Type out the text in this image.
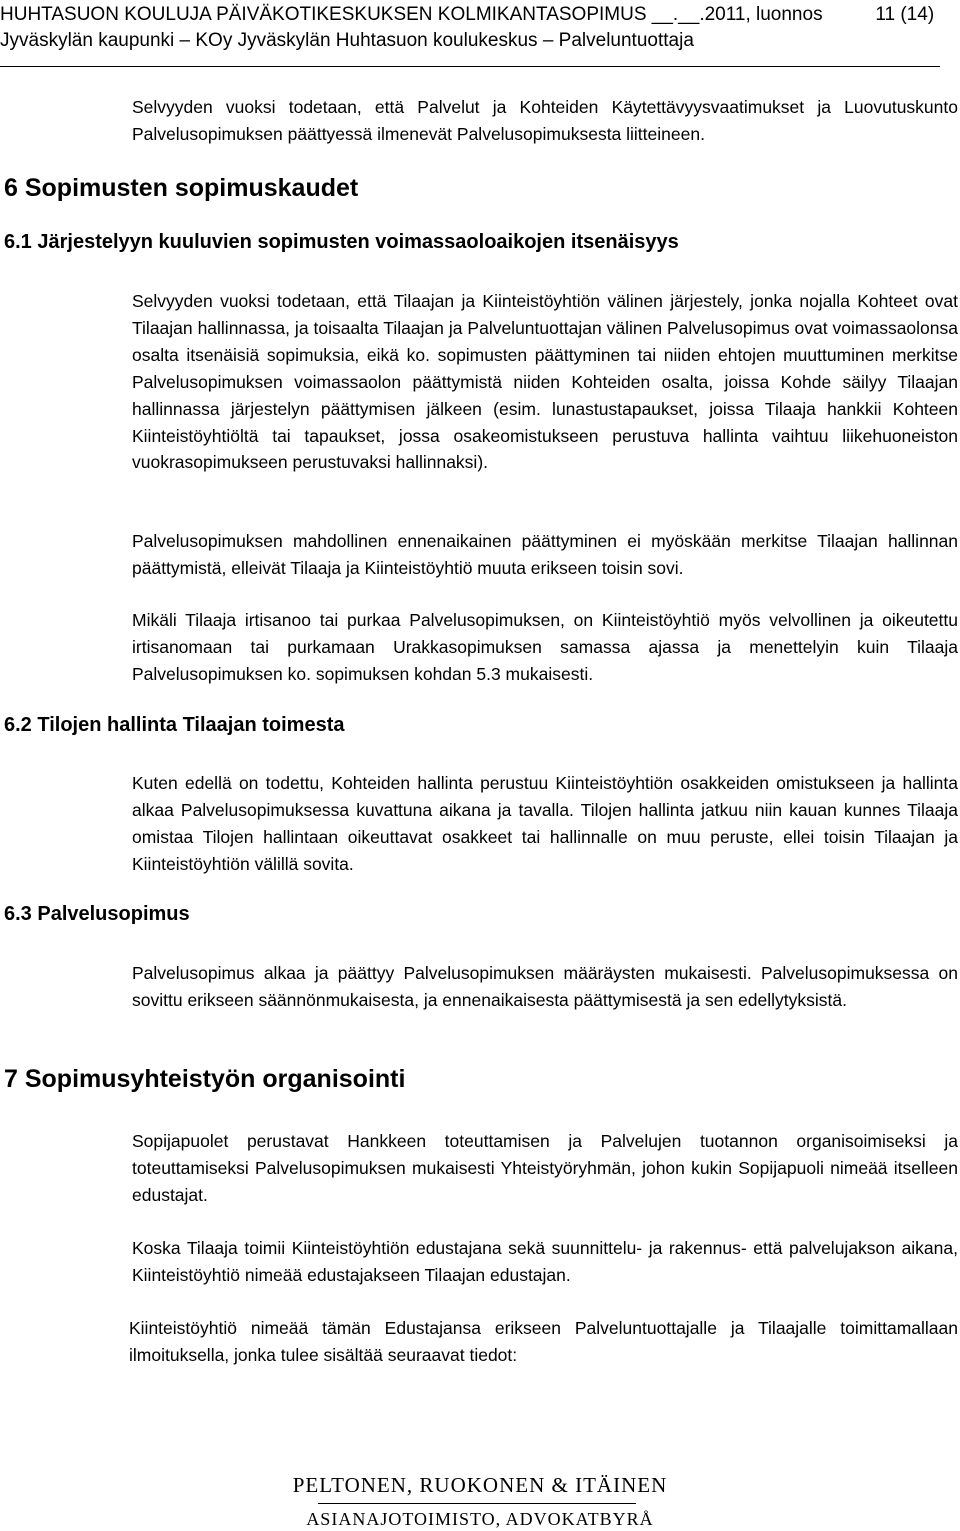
HUHTASUON KOULUJA PÄIVÄKOTIKESKUKSEN KOLMIKANTASOPIMUS __.__.2011, luonnos          11 (14)
Jyväskylän kaupunki – KOy Jyväskylän Huhtasuon koulukeskus – Palveluntuottaja
Selvyyden vuoksi todetaan, että Palvelut ja Kohteiden Käytettävyysvaatimukset ja Luovutuskunto Palvelusopimuksen päättyessä ilmenevät Palvelusopimuksesta liitteineen.
6 Sopimusten sopimuskaudet
6.1 Järjestelyyn kuuluvien sopimusten voimassaoloaikojen itsenäisyys
Selvyyden vuoksi todetaan, että Tilaajan ja Kiinteistöyhtiön välinen järjestely, jonka nojalla Kohteet ovat Tilaajan hallinnassa, ja toisaalta Tilaajan ja Palveluntuottajan välinen Palvelusopimus ovat voimassaolonsa osalta itsenäisiä sopimuksia, eikä ko. sopimusten päättyminen tai niiden ehtojen muuttuminen merkitse Palvelusopimuksen voimassaolon päättymistä niiden Kohteiden osalta, joissa Kohde säilyy Tilaajan hallinnassa järjestelyn päättymisen jälkeen (esim. lunastustapaukset, joissa Tilaaja hankkii Kohteen Kiinteistöyhtiöltä tai tapaukset, jossa osakeomistukseen perustuva hallinta vaihtuu liikehuoneiston vuokrasopimukseen perustuvaksi hallinnaksi).
Palvelusopimuksen mahdollinen ennenaikainen päättyminen ei myöskään merkitse Tilaajan hallinnan päättymistä, elleivät Tilaaja ja Kiinteistöyhtiö muuta erikseen toisin sovi.
Mikäli Tilaaja irtisanoo tai purkaa Palvelusopimuksen, on Kiinteistöyhtiö myös velvollinen ja oikeutettu irtisanomaan tai purkamaan Urakkasopimuksen samassa ajassa ja menettelyin kuin Tilaaja Palvelusopimuksen ko. sopimuksen kohdan 5.3 mukaisesti.
6.2 Tilojen hallinta Tilaajan toimesta
Kuten edellä on todettu, Kohteiden hallinta perustuu Kiinteistöyhtiön osakkeiden omistukseen ja hallinta alkaa Palvelusopimuksessa kuvattuna aikana ja tavalla. Tilojen hallinta jatkuu niin kauan kunnes Tilaaja omistaa Tilojen hallintaan oikeuttavat osakkeet tai hallinnalle on muu peruste, ellei toisin Tilaajan ja Kiinteistöyhtiön välillä sovita.
6.3 Palvelusopimus
Palvelusopimus alkaa ja päättyy Palvelusopimuksen määräysten mukaisesti. Palvelusopimuksessa on sovittu erikseen säännönmukaisesta, ja ennenaikaisesta päättymisestä ja sen edellytyksistä.
7 Sopimusyhteistyön organisointi
Sopijapuolet perustavat Hankkeen toteuttamisen ja Palvelujen tuotannon organisoimiseksi ja toteuttamiseksi Palvelusopimuksen mukaisesti Yhteistyöryhmän, johon kukin Sopijapuoli nimeää itselleen edustajat.
Koska Tilaaja toimii Kiinteistöyhtiön edustajana sekä suunnittelu- ja rakennus- että palvelujakson aikana, Kiinteistöyhtiö nimeää edustajakseen Tilaajan edustajan.
Kiinteistöyhtiö nimeää tämän Edustajansa erikseen Palveluntuottajalle ja Tilaajalle toimittamallaan ilmoituksella, jonka tulee sisältää seuraavat tiedot:
PELTONEN, RUOKONEN & ITÄINEN
ASIANAJOTOIMISTO, ADVOKATBYRÅ
